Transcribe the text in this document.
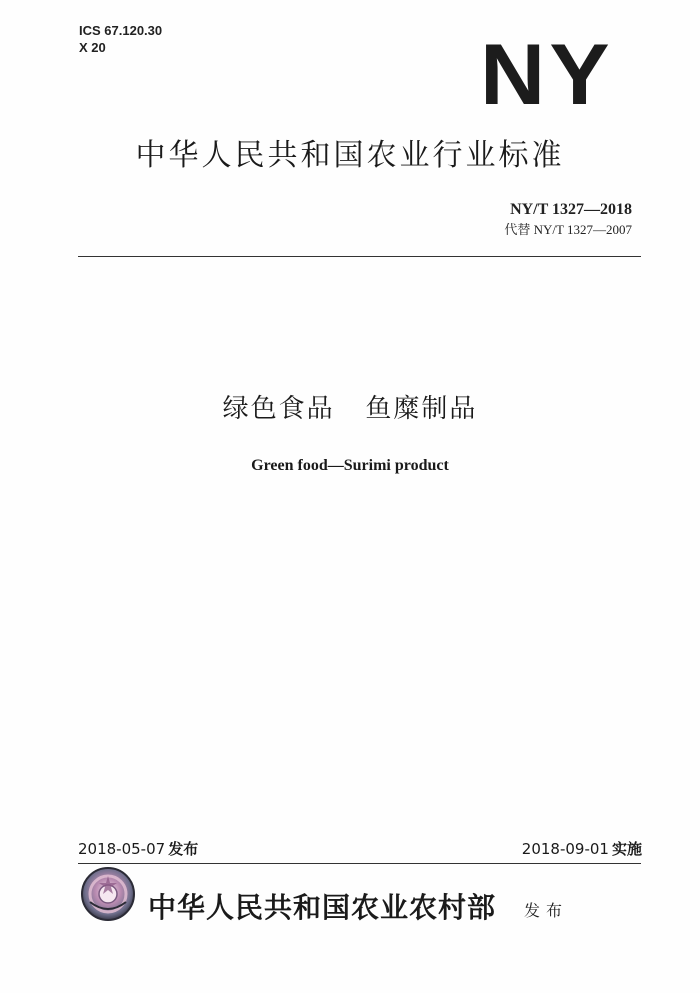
ICS 67.120.30
X 20	NY
中华人民共和国农业行业标准
NY/T 1327—2018
代替 NY/T 1327—2007
绿色食品   鱼糜制品
Green food—Surimi product
2018-05-07 发布	2018-09-01 实施
中华人民共和国农业农村部 发布
